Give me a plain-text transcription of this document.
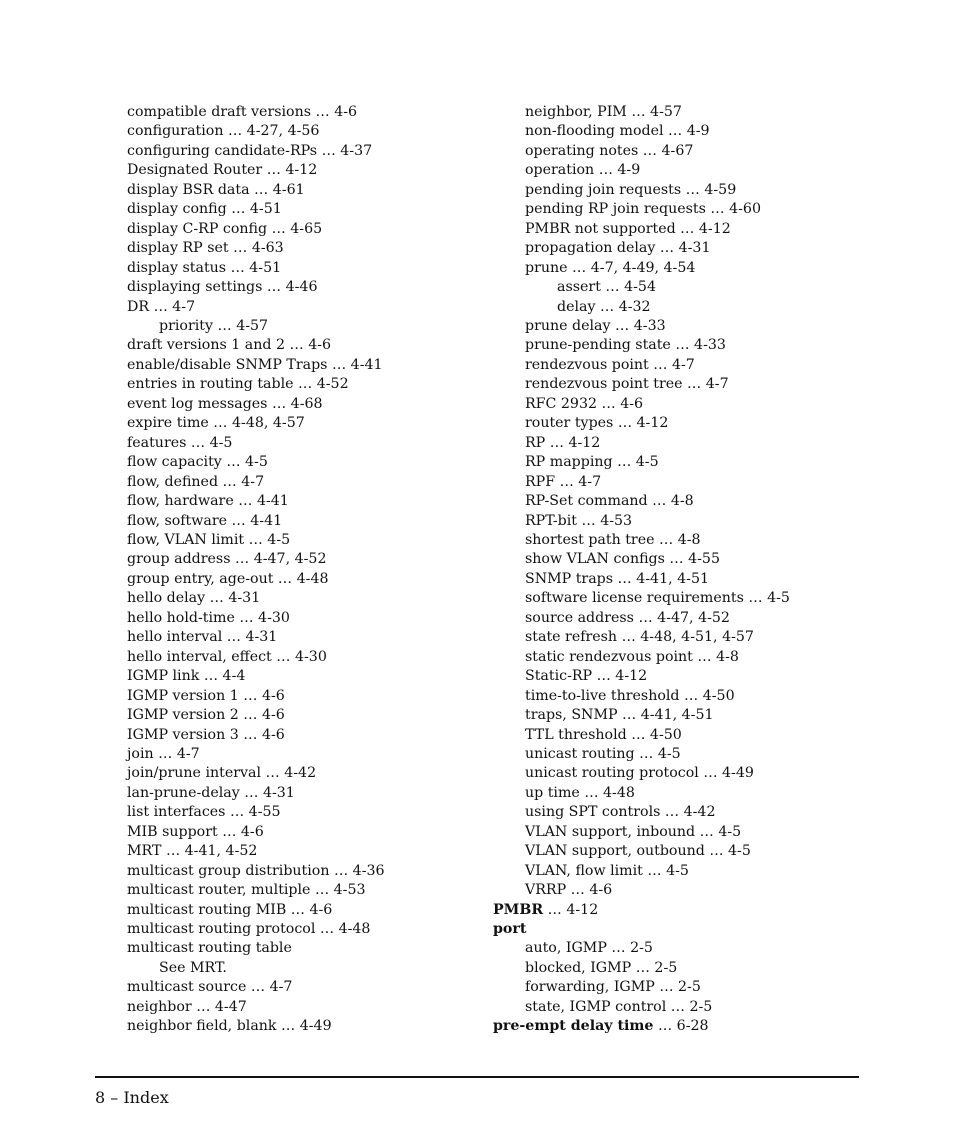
compatible draft versions … 4-6
configuration … 4-27, 4-56
configuring candidate-RPs … 4-37
Designated Router … 4-12
display BSR data … 4-61
display config … 4-51
display C-RP config … 4-65
display RP set … 4-63
display status … 4-51
displaying settings … 4-46
DR … 4-7
priority … 4-57
draft versions 1 and 2 … 4-6
enable/disable SNMP Traps … 4-41
entries in routing table … 4-52
event log messages … 4-68
expire time … 4-48, 4-57
features … 4-5
flow capacity … 4-5
flow, defined … 4-7
flow, hardware … 4-41
flow, software … 4-41
flow, VLAN limit … 4-5
group address … 4-47, 4-52
group entry, age-out … 4-48
hello delay … 4-31
hello hold-time … 4-30
hello interval … 4-31
hello interval, effect … 4-30
IGMP link … 4-4
IGMP version 1 … 4-6
IGMP version 2 … 4-6
IGMP version 3 … 4-6
join … 4-7
join/prune interval … 4-42
lan-prune-delay … 4-31
list interfaces … 4-55
MIB support … 4-6
MRT … 4-41, 4-52
multicast group distribution … 4-36
multicast router, multiple … 4-53
multicast routing MIB … 4-6
multicast routing protocol … 4-48
multicast routing table
See MRT.
multicast source … 4-7
neighbor … 4-47
neighbor field, blank … 4-49
neighbor, PIM … 4-57
non-flooding model … 4-9
operating notes … 4-67
operation … 4-9
pending join requests … 4-59
pending RP join requests … 4-60
PMBR not supported … 4-12
propagation delay … 4-31
prune … 4-7, 4-49, 4-54
assert … 4-54
delay … 4-32
prune delay … 4-33
prune-pending state … 4-33
rendezvous point … 4-7
rendezvous point tree … 4-7
RFC 2932 … 4-6
router types … 4-12
RP … 4-12
RP mapping … 4-5
RPF … 4-7
RP-Set command … 4-8
RPT-bit … 4-53
shortest path tree … 4-8
show VLAN configs … 4-55
SNMP traps … 4-41, 4-51
software license requirements … 4-5
source address … 4-47, 4-52
state refresh … 4-48, 4-51, 4-57
static rendezvous point … 4-8
Static-RP … 4-12
time-to-live threshold … 4-50
traps, SNMP … 4-41, 4-51
TTL threshold … 4-50
unicast routing … 4-5
unicast routing protocol … 4-49
up time … 4-48
using SPT controls … 4-42
VLAN support, inbound … 4-5
VLAN support, outbound … 4-5
VLAN, flow limit … 4-5
VRRP … 4-6
PMBR … 4-12
port
auto, IGMP … 2-5
blocked, IGMP … 2-5
forwarding, IGMP … 2-5
state, IGMP control … 2-5
pre-empt delay time … 6-28
8 – Index
